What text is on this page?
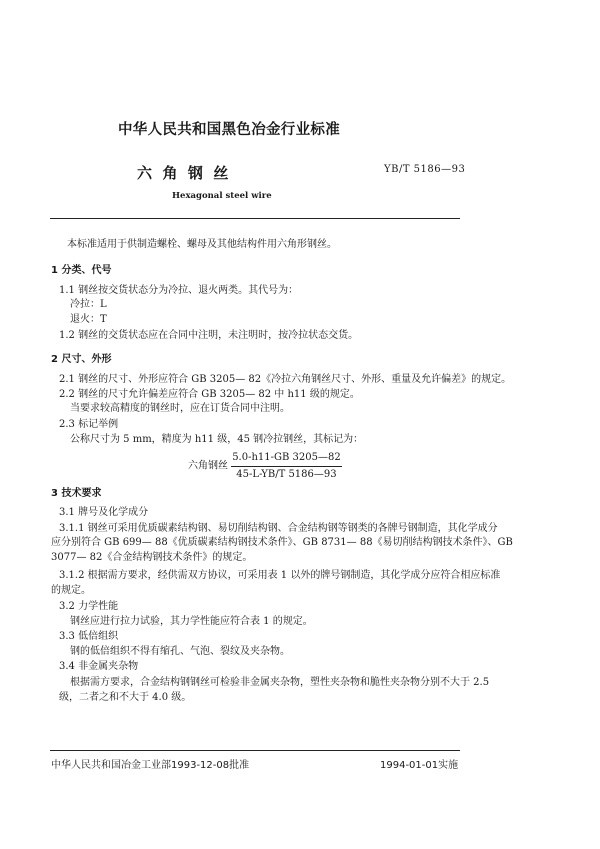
中华人民共和国黑色冶金行业标准
六  角  钢  丝	YB/T 5186—93
Hexagonal steel wire
本标准适用于供制造螺栓、螺母及其他结构件用六角形钢丝。
1 分类、代号
1.1 钢丝按交货状态分为冷拉、退火两类。其代号为：
冷拉：L
退火：T
1.2 钢丝的交货状态应在合同中注明，未注明时，按冷拉状态交货。
2 尺寸、外形
2.1 钢丝的尺寸、外形应符合 GB 3205— 82《冷拉六角钢丝尺寸、外形、重量及允许偏差》的规定。
2.2 钢丝的尺寸允许偏差应符合 GB 3205— 82 中 h11 级的规定。
当要求较高精度的钢丝时，应在订货合同中注明。
2.3 标记举例
公称尺寸为 5 mm，精度为 h11 级，45 钢冷拉钢丝，其标记为：
六角钢丝 $\frac{5.0-h11-GB 3205—82}{45-L-YB/T 5186—93}$
3 技术要求
3.1 牌号及化学成分
3.1.1 钢丝可采用优质碳素结构钢、易切削结构钢、合金结构钢等钢类的各牌号钢制造，其化学成分
应分别符合 GB 699— 88《优质碳素结构钢技术条件》、GB 8731— 88《易切削结构钢技术条件》、GB
3077— 82《合金结构钢技术条件》的规定。
3.1.2 根据需方要求，经供需双方协议，可采用表 1 以外的牌号钢制造，其化学成分应符合相应标准
的规定。
3.2 力学性能
钢丝应进行拉力试验，其力学性能应符合表 1 的规定。
3.3 低倍组织
钢的低倍组织不得有缩孔、气泡、裂纹及夹杂物。
3.4 非金属夹杂物
根据需方要求，合金结构钢钢丝可检验非金属夹杂物，塑性夹杂物和脆性夹杂物分别不大于 2.5
级，二者之和不大于 4.0 级。
中华人民共和国冶金工业部1993-12-08批准	1994-01-01实施
